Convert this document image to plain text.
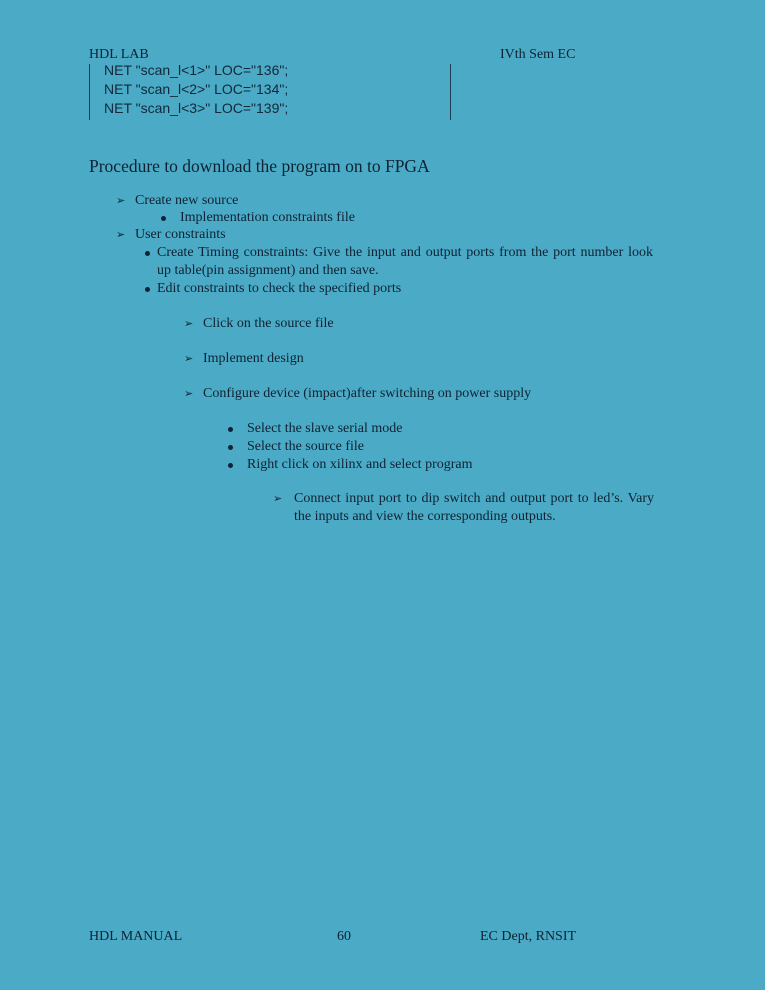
HDL LAB	IVth Sem EC
NET "scan_l<1>" LOC="136";
NET "scan_l<2>" LOC="134";
NET "scan_l<3>" LOC="139";
Procedure to download the program on to FPGA
➢ Create new source
Implementation constraints file
➢ User constraints
Create Timing constraints: Give the input and output ports from the port number look up table(pin assignment) and then save.
Edit constraints to check the specified ports
➢ Click on the source file
➢ Implement design
➢ Configure device (impact)after switching on power supply
Select the slave serial mode
Select the source file
Right click on xilinx and select program
➢ Connect input port to dip switch and output port to led’s. Vary the inputs and view the corresponding outputs.
HDL MANUAL	60	EC Dept, RNSIT
